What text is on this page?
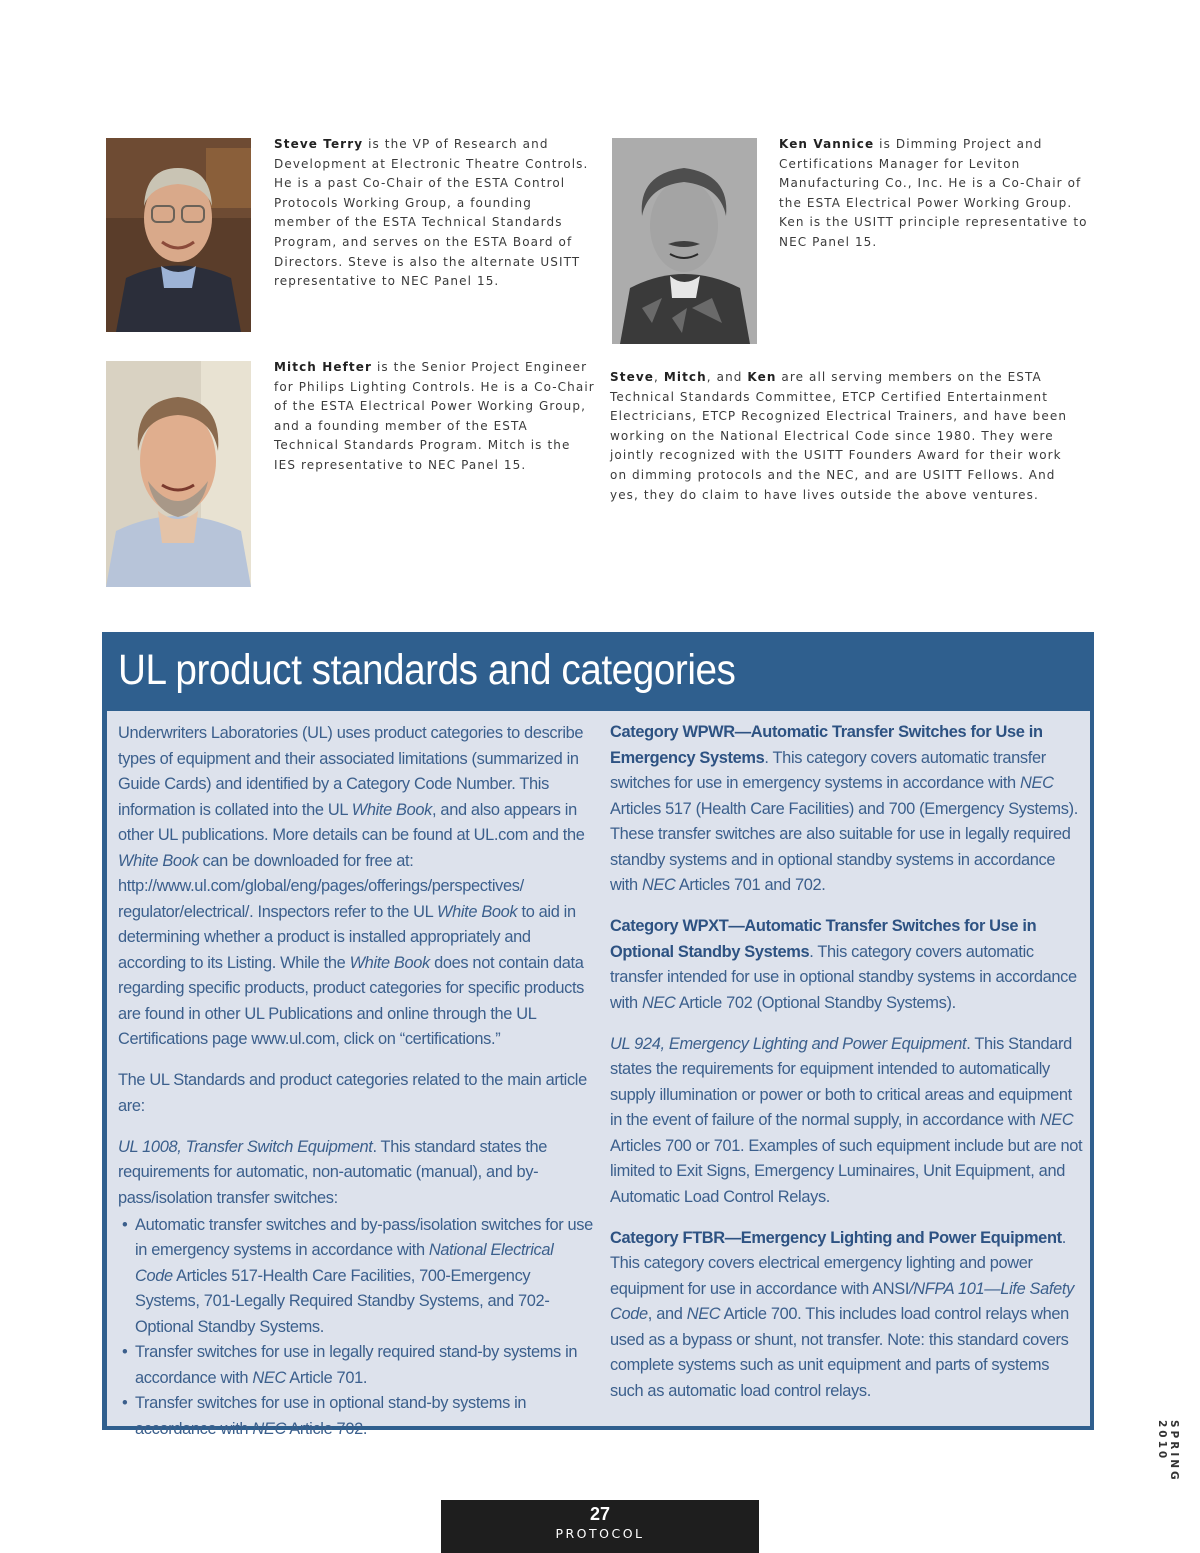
Steve Terry is the VP of Research and Development at Electronic Theatre Controls. He is a past Co-Chair of the ESTA Control Protocols Working Group, a founding member of the ESTA Technical Standards Program, and serves on the ESTA Board of Directors. Steve is also the alternate USITT representative to NEC Panel 15.
Ken Vannice is Dimming Project and Certifications Manager for Leviton Manufacturing Co., Inc. He is a Co-Chair of the ESTA Electrical Power Working Group. Ken is the USITT principle representative to NEC Panel 15.
Mitch Hefter is the Senior Project Engineer for Philips Lighting Controls. He is a Co-Chair of the ESTA Electrical Power Working Group, and a founding member of the ESTA Technical Standards Program. Mitch is the IES representative to NEC Panel 15.
Steve, Mitch, and Ken are all serving members on the ESTA Technical Standards Committee, ETCP Certified Entertainment Electricians, ETCP Recognized Electrical Trainers, and have been working on the National Electrical Code since 1980. They were jointly recognized with the USITT Founders Award for their work on dimming protocols and the NEC, and are USITT Fellows. And yes, they do claim to have lives outside the above ventures.
UL product standards and categories

Underwriters Laboratories (UL) uses product categories to describe types of equipment and their associated limitations (summarized in Guide Cards) and identified by a Category Code Number. This information is collated into the UL White Book, and also appears in other UL publications. More details can be found at UL.com and the White Book can be downloaded for free at: http://www.ul.com/global/eng/pages/offerings/perspectives/ regulator/electrical/. Inspectors refer to the UL White Book to aid in determining whether a product is installed appropriately and according to its Listing. While the White Book does not contain data regarding specific products, product categories for specific products are found in other UL Publications and online through the UL Certifications page www.ul.com, click on “certifications.”

The UL Standards and product categories related to the main article are:

UL 1008, Transfer Switch Equipment. This standard states the requirements for automatic, non-automatic (manual), and by-pass/isolation transfer switches:

• Automatic transfer switches and by-pass/isolation switches for use in emergency systems in accordance with National Electrical Code Articles 517-Health Care Facilities, 700-Emergency Systems, 701-Legally Required Standby Systems, and 702-Optional Standby Systems.
• Transfer switches for use in legally required stand-by systems in accordance with NEC Article 701.
• Transfer switches for use in optional stand-by systems in accordance with NEC Article 702.

Category WPWR—Automatic Transfer Switches for Use in Emergency Systems. This category covers automatic transfer switches for use in emergency systems in accordance with NEC Articles 517 (Health Care Facilities) and 700 (Emergency Systems). These transfer switches are also suitable for use in legally required standby systems and in optional standby systems in accordance with NEC Articles 701 and 702.

Category WPXT—Automatic Transfer Switches for Use in Optional Standby Systems. This category covers automatic transfer intended for use in optional standby systems in accordance with NEC Article 702 (Optional Standby Systems).

UL 924, Emergency Lighting and Power Equipment. This Standard states the requirements for equipment intended to automatically supply illumination or power or both to critical areas and equipment in the event of failure of the normal supply, in accordance with NEC Articles 700 or 701. Examples of such equipment include but are not limited to Exit Signs, Emergency Luminaires, Unit Equipment, and Automatic Load Control Relays.

Category FTBR—Emergency Lighting and Power Equipment. This category covers electrical emergency lighting and power equipment for use in accordance with ANSI/NFPA 101—Life Safety Code, and NEC Article 700. This includes load control relays when used as a bypass or shunt, not transfer. Note: this standard covers complete systems such as unit equipment and parts of systems such as automatic load control relays.

SPRING 2010
27
PROTOCOL
